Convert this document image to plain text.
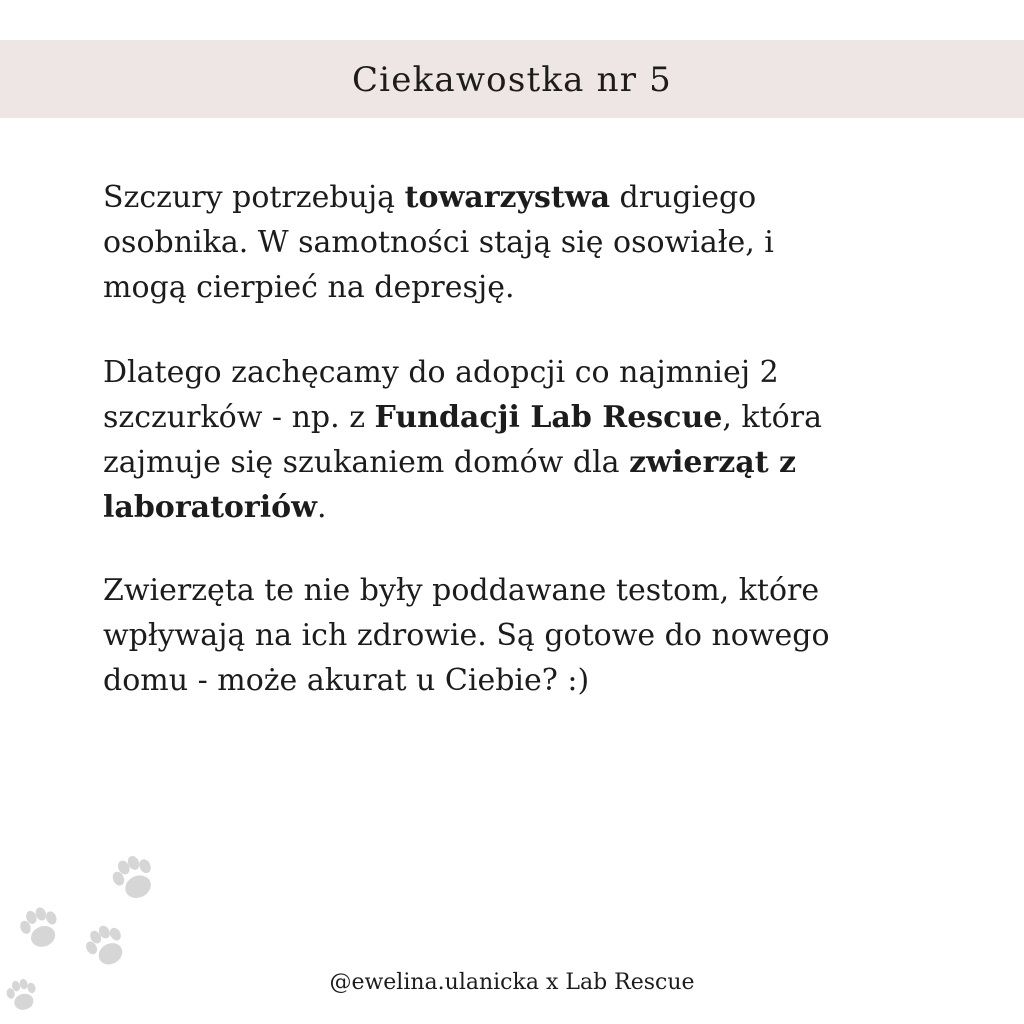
Ciekawostka nr 5

Szczury potrzebują towarzystwa drugiego
osobnika. W samotności stają się osowiałe, i
mogą cierpieć na depresję.

Dlatego zachęcamy do adopcji co najmniej 2
szczurków - np. z Fundacji Lab Rescue, która
zajmuje się szukaniem domów dla zwierząt z
laboratoriów.

Zwierzęta te nie były poddawane testom, które
wpływają na ich zdrowie. Są gotowe do nowego
domu - może akurat u Ciebie? :)

@ewelina.ulanicka x Lab Rescue
